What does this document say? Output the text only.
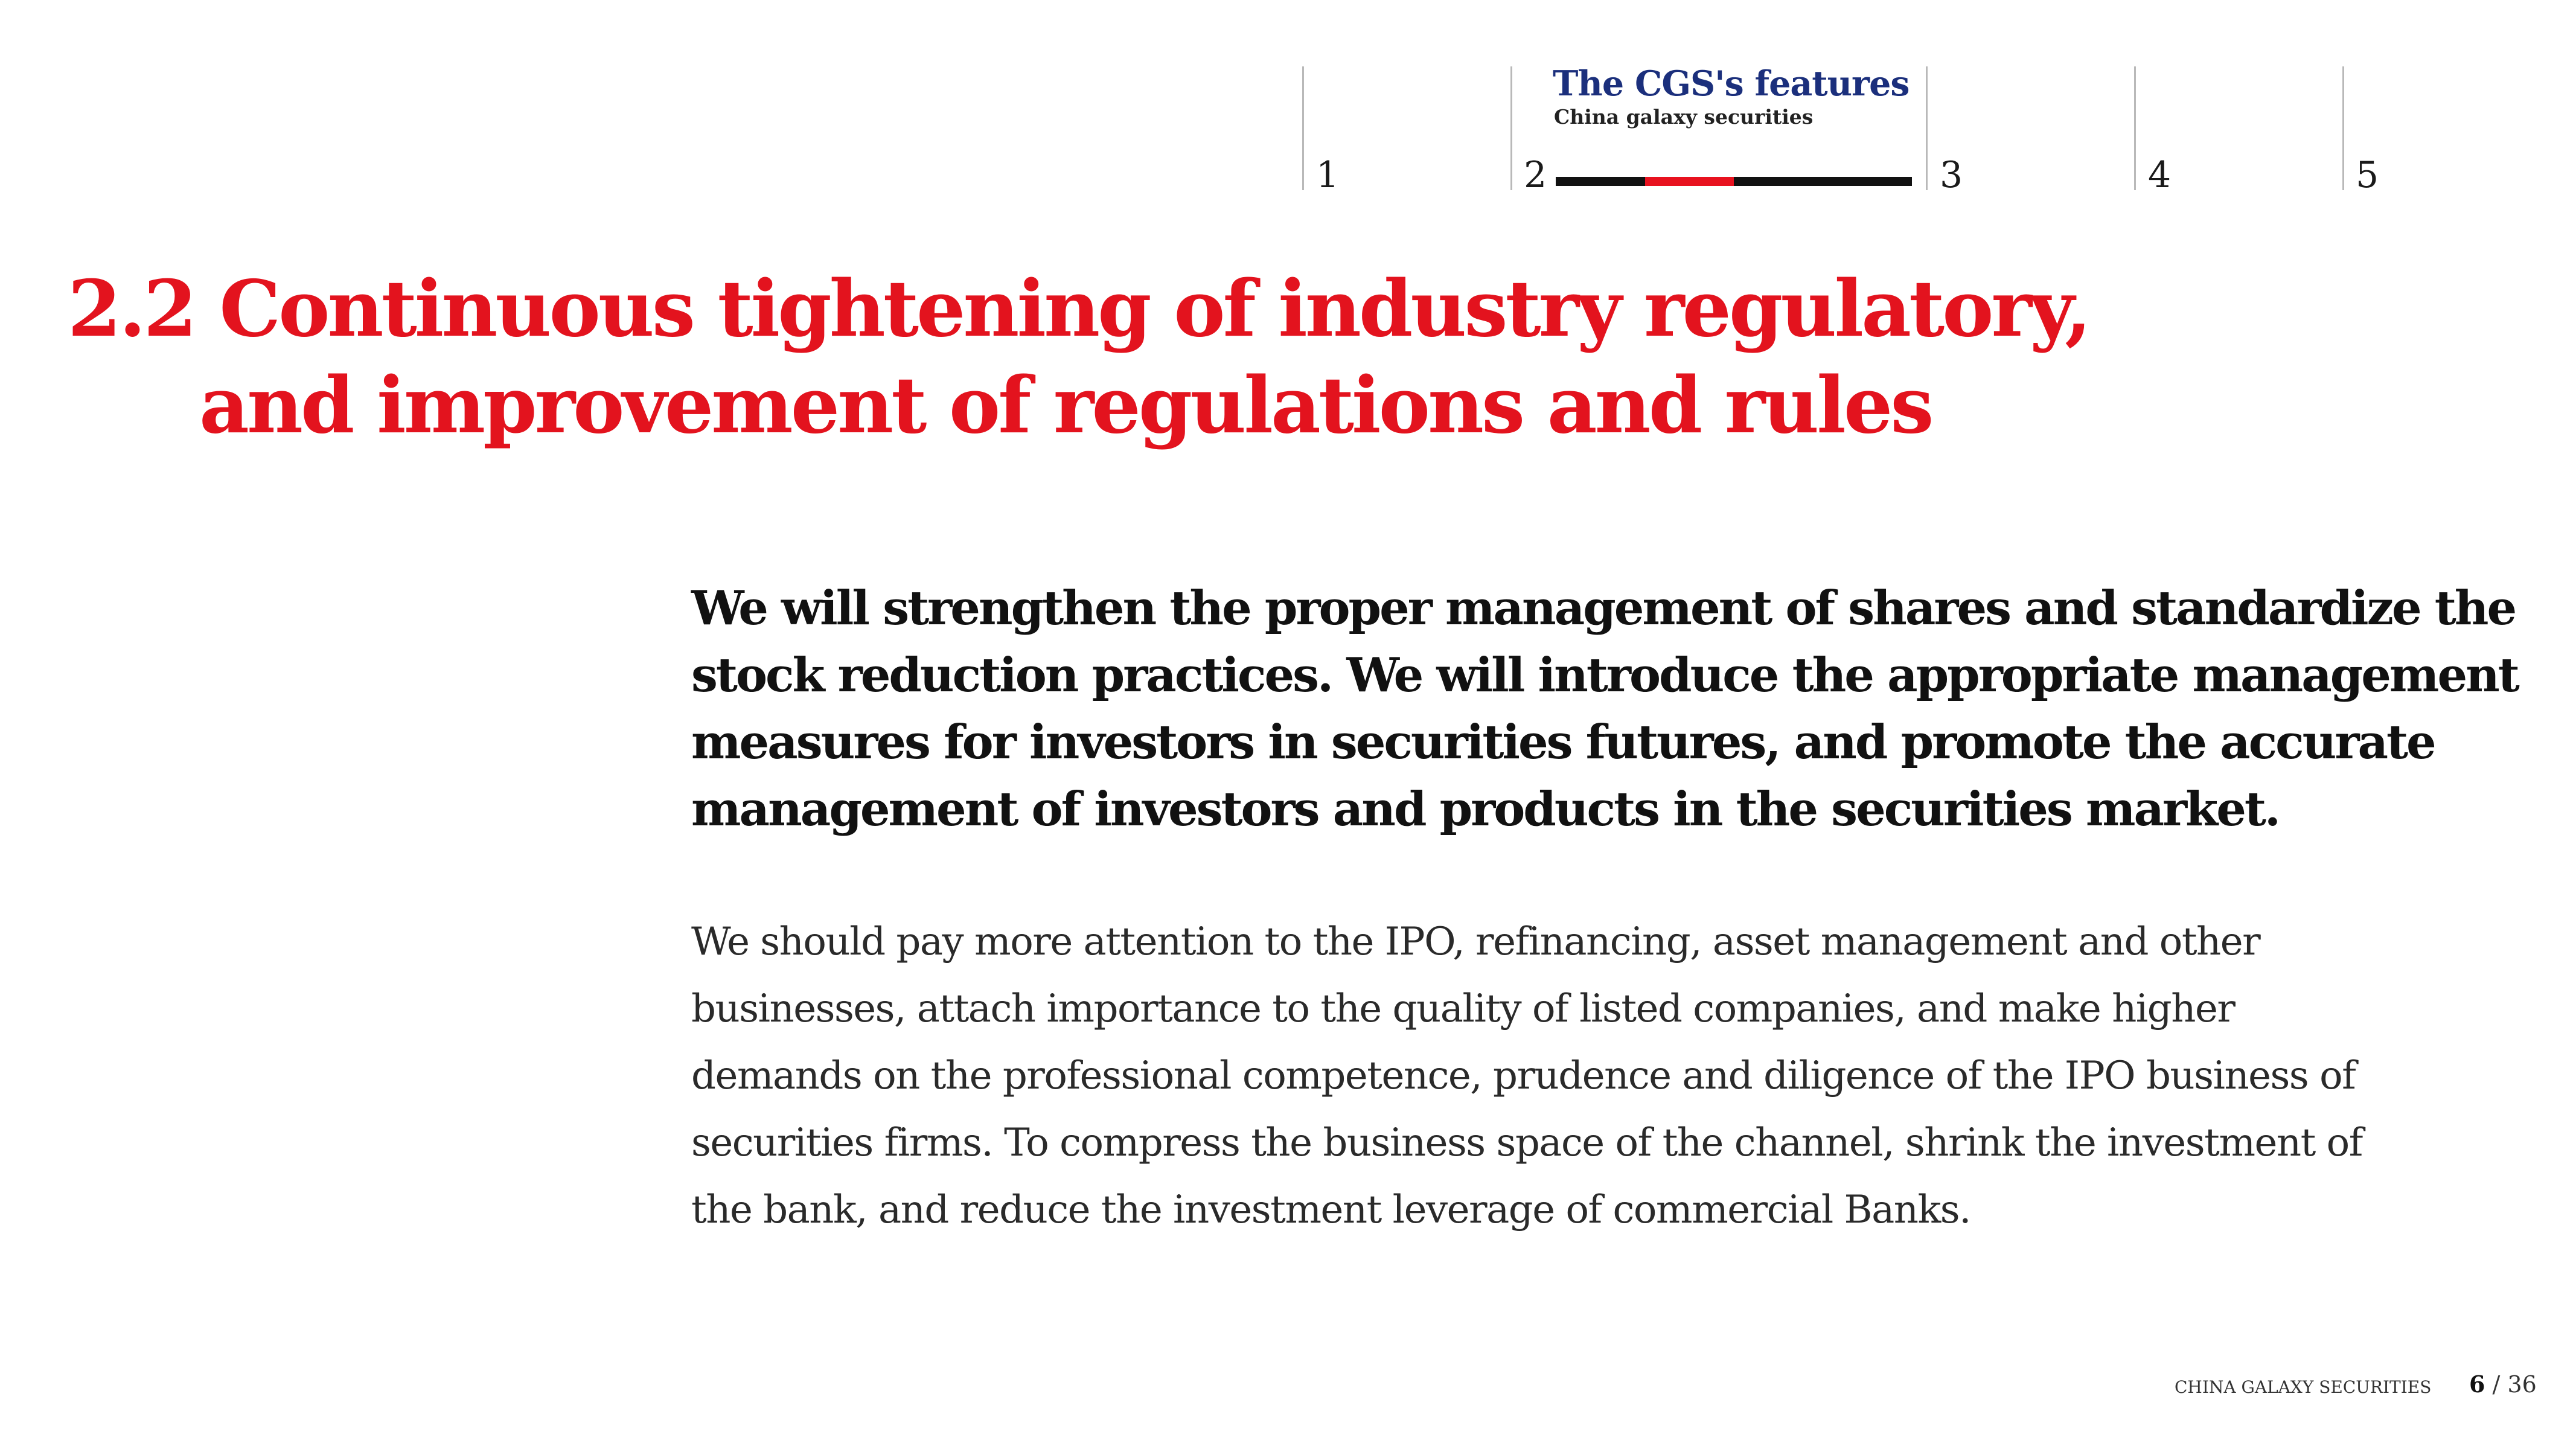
1
The CGS's features
China galaxy securities
2	3	4	5
2.2 Continuous tightening of industry regulatory,
and improvement of regulations and rules
We will strengthen the proper management of shares and standardize the
stock reduction practices. We will introduce the appropriate management
measures for investors in securities futures, and promote the accurate
management of investors and products in the securities market.
We should pay more attention to the IPO, refinancing, asset management and other
businesses, attach importance to the quality of listed companies, and make higher
demands on the professional competence, prudence and diligence of the IPO business of
securities firms. To compress the business space of the channel, shrink the investment of
the bank, and reduce the investment leverage of commercial Banks.
CHINA GALAXY SECURITIES 6 / 36
